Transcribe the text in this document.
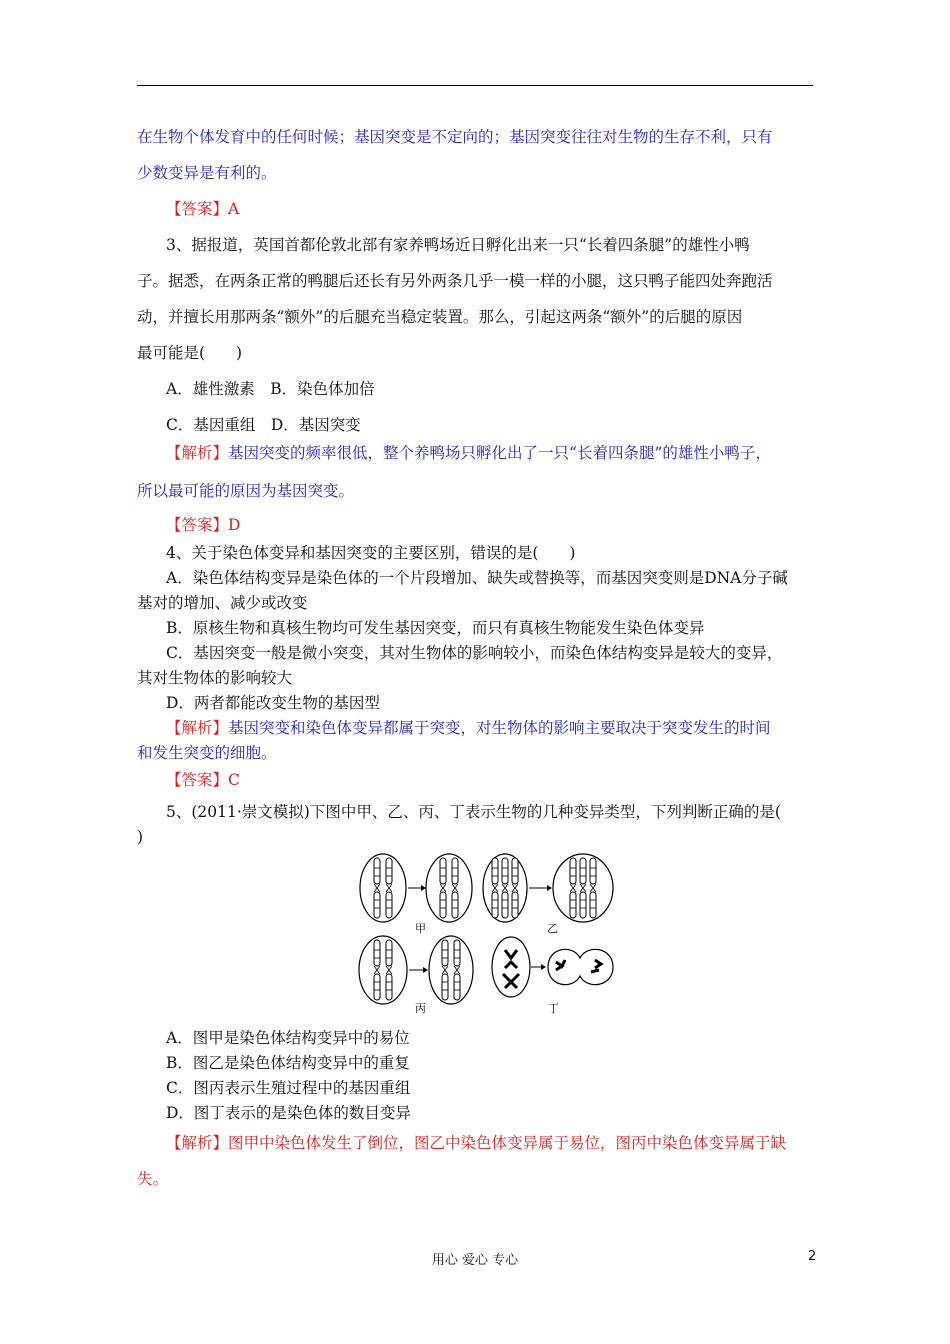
在生物个体发育中的任何时候；基因突变是不定向的；基因突变往往对生物的生存不利，只有
少数变异是有利的。
【答案】A
3、据报道，英国首都伦敦北部有家养鸭场近日孵化出来一只“长着四条腿”的雄性小鸭
子。据悉，在两条正常的鸭腿后还长有另外两条几乎一模一样的小腿，这只鸭子能四处奔跑活
动，并擅长用那两条“额外”的后腿充当稳定装置。那么，引起这两条“额外”的后腿的原因
最可能是(　　)
A．雄性激素　B．染色体加倍
C．基因重组　D．基因突变
【解析】基因突变的频率很低，整个养鸭场只孵化出了一只“长着四条腿”的雄性小鸭子，
所以最可能的原因为基因突变。
【答案】D
4、关于染色体变异和基因突变的主要区别，错误的是(　　)
A．染色体结构变异是染色体的一个片段增加、缺失或替换等，而基因突变则是DNA分子碱
基对的增加、减少或改变
B．原核生物和真核生物均可发生基因突变，而只有真核生物能发生染色体变异
C．基因突变一般是微小突变，其对生物体的影响较小，而染色体结构变异是较大的变异，
其对生物体的影响较大
D．两者都能改变生物的基因型
【解析】基因突变和染色体变异都属于突变，对生物体的影响主要取决于突变发生的时间
和发生突变的细胞。
【答案】C
5、(2011·崇文模拟)下图中甲、乙、丙、丁表示生物的几种变异类型，下列判断正确的是(
)
甲	乙
丙	丁
A．图甲是染色体结构变异中的易位
B．图乙是染色体结构变异中的重复
C．图丙表示生殖过程中的基因重组
D．图丁表示的是染色体的数目变异
【解析】图甲中染色体发生了倒位，图乙中染色体变异属于易位，图丙中染色体变异属于缺
失。
用心 爱心 专心	2
